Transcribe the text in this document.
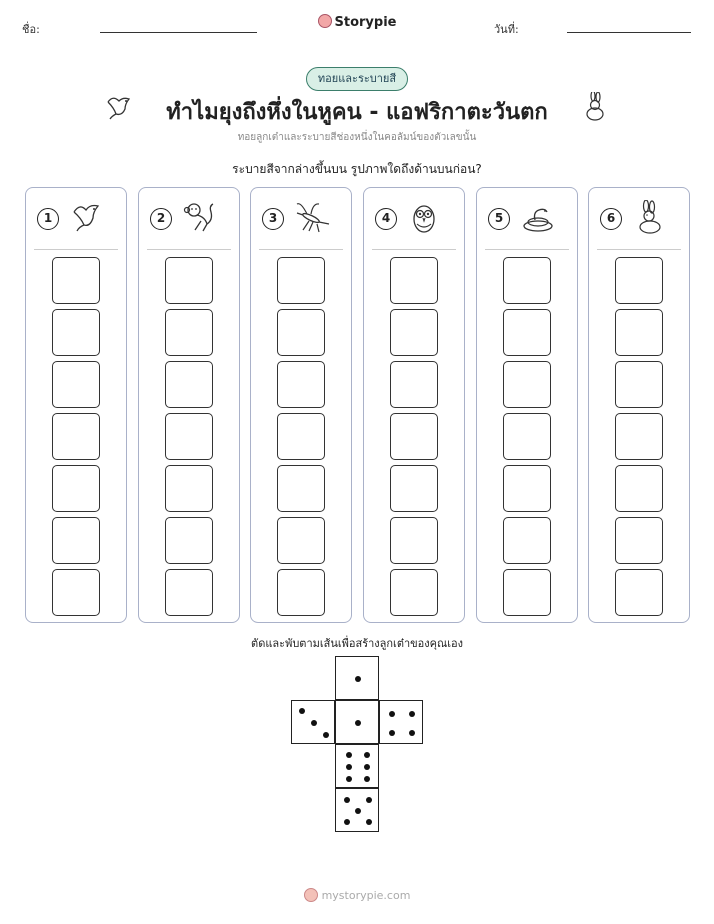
ชื่อ:	Storypie	วันที่:
ทอยและระบายสี
ทำไมยุงถึงหึ่งในหูคน - แอฟริกาตะวันตก
ทอยลูกเต๋าและระบายสีช่องหนึ่งในคอลัมน์ของตัวเลขนั้น
ระบายสีจากล่างขึ้นบน รูปภาพใดถึงด้านบนก่อน?
1	2	3	4	5	6
ตัดและพับตามเส้นเพื่อสร้างลูกเต๋าของคุณเอง
mystorypie.com
